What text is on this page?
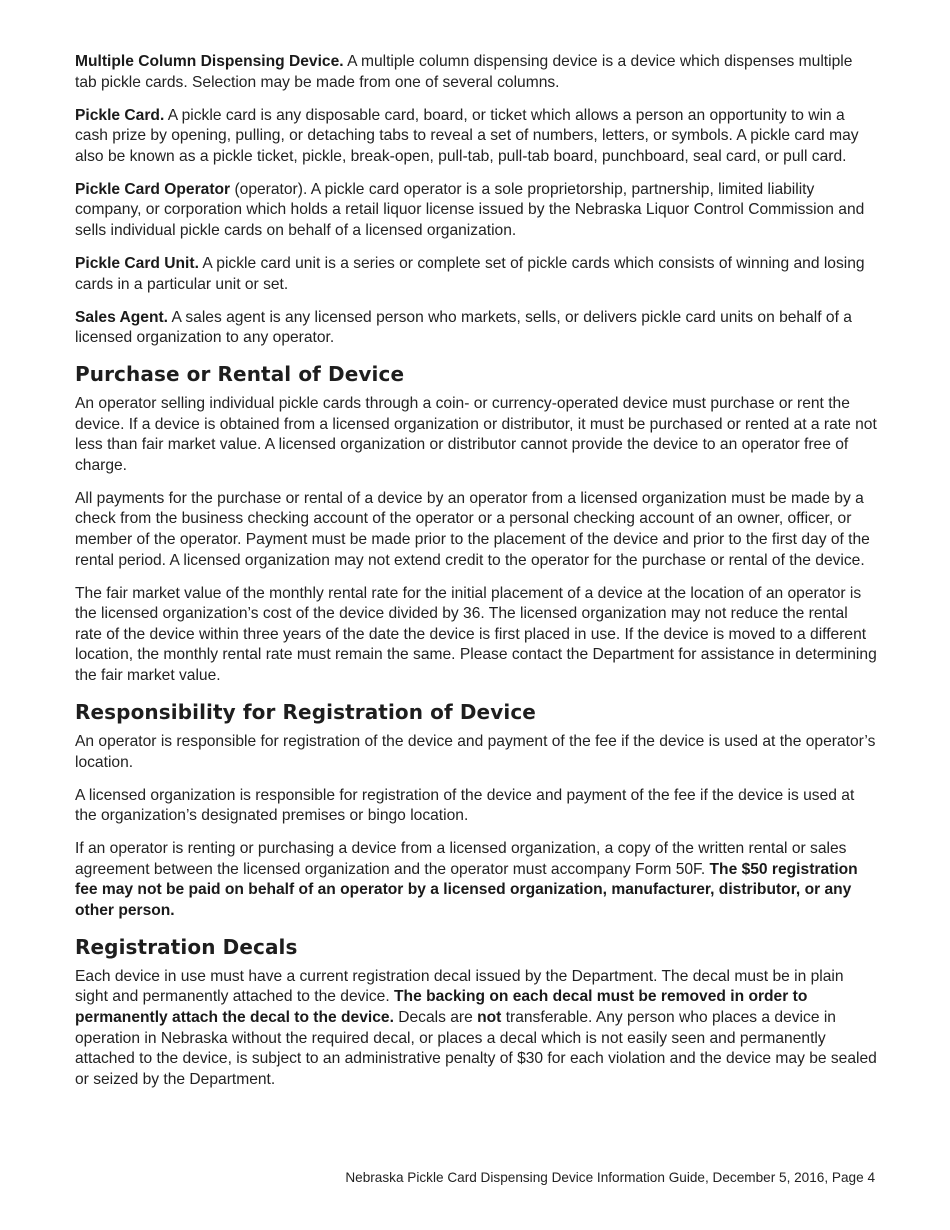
Multiple Column Dispensing Device. A multiple column dispensing device is a device which dispenses multiple tab pickle cards. Selection may be made from one of several columns.

Pickle Card. A pickle card is any disposable card, board, or ticket which allows a person an opportunity to win a cash prize by opening, pulling, or detaching tabs to reveal a set of numbers, letters, or symbols. A pickle card may also be known as a pickle ticket, pickle, break-open, pull-tab, pull-tab board, punchboard, seal card, or pull card.

Pickle Card Operator (operator). A pickle card operator is a sole proprietorship, partnership, limited liability company, or corporation which holds a retail liquor license issued by the Nebraska Liquor Control Commission and sells individual pickle cards on behalf of a licensed organization.

Pickle Card Unit. A pickle card unit is a series or complete set of pickle cards which consists of winning and losing cards in a particular unit or set.

Sales Agent. A sales agent is any licensed person who markets, sells, or delivers pickle card units on behalf of a licensed organization to any operator.

Purchase or Rental of Device

An operator selling individual pickle cards through a coin- or currency-operated device must purchase or rent the device. If a device is obtained from a licensed organization or distributor, it must be purchased or rented at a rate not less than fair market value. A licensed organization or distributor cannot provide the device to an operator free of charge.

All payments for the purchase or rental of a device by an operator from a licensed organization must be made by a check from the business checking account of the operator or a personal checking account of an owner, officer, or member of the operator. Payment must be made prior to the placement of the device and prior to the first day of the rental period. A licensed organization may not extend credit to the operator for the purchase or rental of the device.

The fair market value of the monthly rental rate for the initial placement of a device at the location of an operator is the licensed organization’s cost of the device divided by 36. The licensed organization may not reduce the rental rate of the device within three years of the date the device is first placed in use. If the device is moved to a different location, the monthly rental rate must remain the same. Please contact the Department for assistance in determining the fair market value.

Responsibility for Registration of Device

An operator is responsible for registration of the device and payment of the fee if the device is used at the operator’s location.

A licensed organization is responsible for registration of the device and payment of the fee if the device is used at the organization’s designated premises or bingo location.

If an operator is renting or purchasing a device from a licensed organization, a copy of the written rental or sales agreement between the licensed organization and the operator must accompany Form 50F. The $50 registration fee may not be paid on behalf of an operator by a licensed organization, manufacturer, distributor, or any other person.

Registration Decals

Each device in use must have a current registration decal issued by the Department. The decal must be in plain sight and permanently attached to the device. The backing on each decal must be removed in order to permanently attach the decal to the device. Decals are not transferable. Any person who places a device in operation in Nebraska without the required decal, or places a decal which is not easily seen and permanently attached to the device, is subject to an administrative penalty of $30 for each violation and the device may be sealed or seized by the Department.

Nebraska Pickle Card Dispensing Device Information Guide, December 5, 2016, Page 4
